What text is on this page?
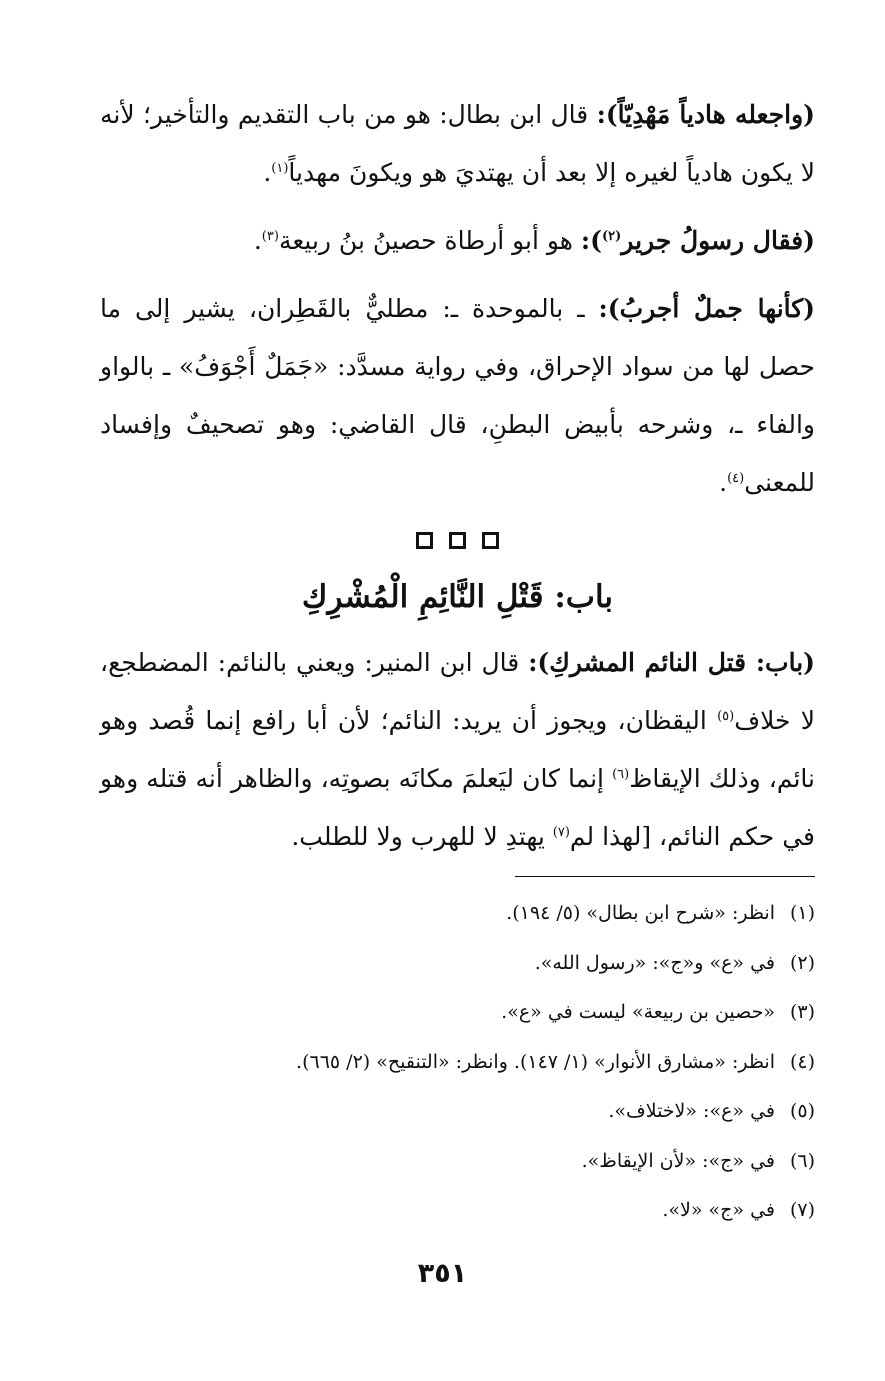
(واجعله هادياً مَهْدِيّاً): قال ابن بطال: هو من باب التقديم والتأخير؛ لأنه لا يكون هادياً لغيره إلا بعد أن يهتديَ هو ويكونَ مهدياً$^{(١)}$.

(فقال رسولُ جرير$^{(٢)}$): هو أبو أرطاة حصينُ بنُ ربيعة$^{(٣)}$.

(كأنها جملٌ أجربُ): ـ بالموحدة ـ: مطليٌّ بالقَطِران، يشير إلى ما حصل لها من سواد الإحراق، وفي رواية مسدَّد: «جَمَلٌ أَجْوَفُ» ـ بالواو والفاء ـ، وشرحه بأبيض البطنِ، قال القاضي: وهو تصحيفٌ وإفساد للمعنى$^{(٤)}$.

باب: قَتْلِ النَّائِمِ الْمُشْرِكِ

(باب: قتل النائم المشركِ): قال ابن المنير: ويعني بالنائم: المضطجع، لا خلاف$^{(٥)}$ اليقظان، ويجوز أن يريد: النائم؛ لأن أبا رافع إنما قُصد وهو نائم، وذلك الإيقاظ$^{(٦)}$ إنما كان ليَعلمَ مكانَه بصوتِه، والظاهر أنه قتله وهو في حكم النائم، [لهذا لم$^{(٧)}$ يهتدِ لا للهرب ولا للطلب.

(١)انظر: «شرح ابن بطال» (٥/ ١٩٤).
(٢)في «ع» و«ج»: «رسول الله».
(٣)«حصين بن ربيعة» ليست في «ع».
(٤)انظر: «مشارق الأنوار» (١/ ١٤٧). وانظر: «التنقيح» (٢/ ٦٦٥).
(٥)في «ع»: «لاختلاف».
(٦)في «ج»: «لأن الإيقاظ».
(٧)في «ج» «لا».
٣٥١
